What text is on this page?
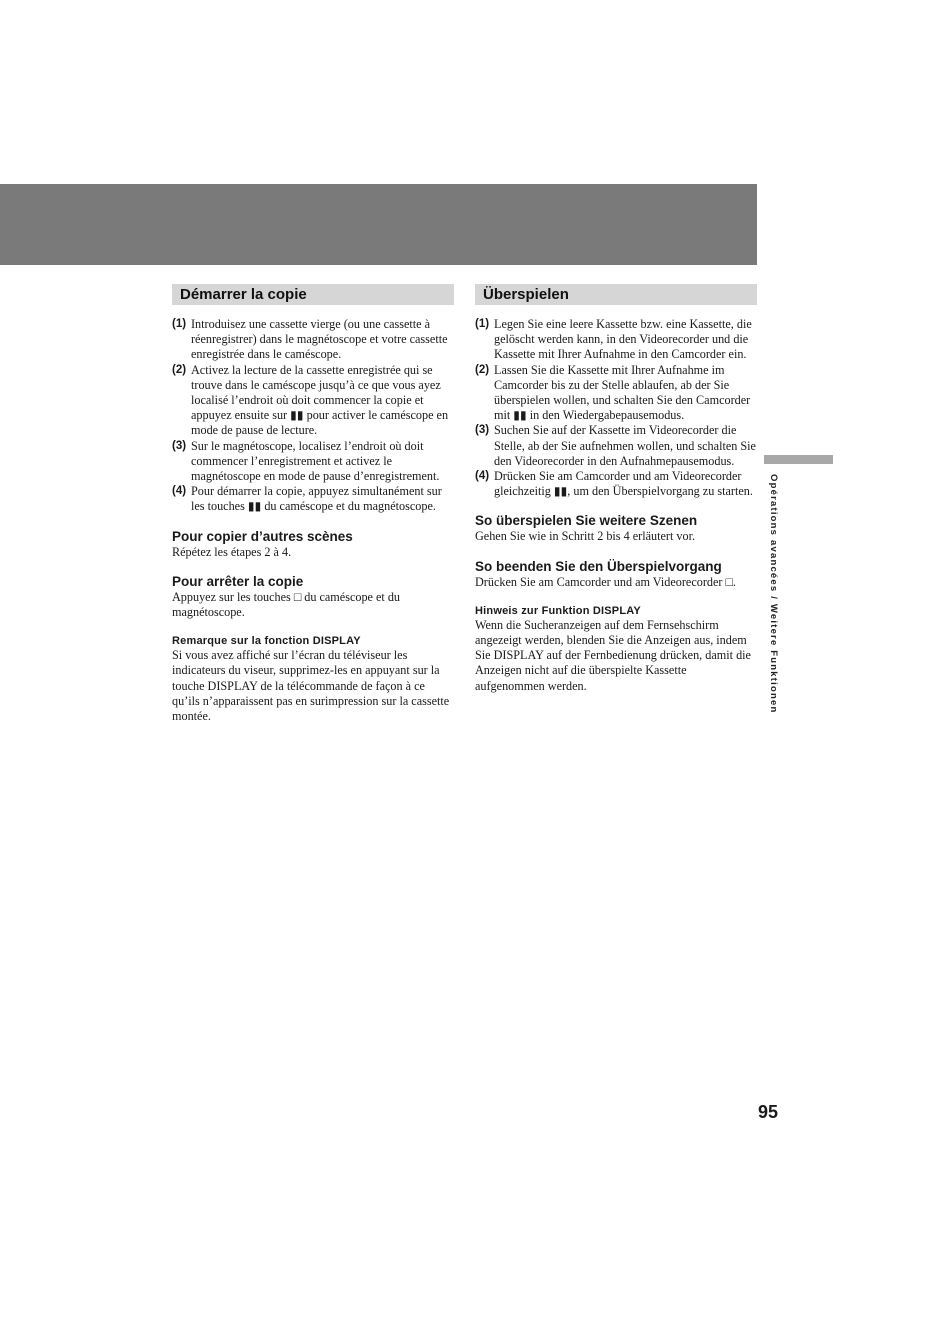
Démarrer la copie
(1) Introduisez une cassette vierge (ou une cassette à réenregistrer) dans le magnétoscope et votre cassette enregistrée dans le caméscope.
(2) Activez la lecture de la cassette enregistrée qui se trouve dans le caméscope jusqu’à ce que vous ayez localisé l’endroit où doit commencer la copie et appuyez ensuite sur ▮▮ pour activer le caméscope en mode de pause de lecture.
(3) Sur le magnétoscope, localisez l’endroit où doit commencer l’enregistrement et activez le magnétoscope en mode de pause d’enregistrement.
(4) Pour démarrer la copie, appuyez simultanément sur les touches ▮▮ du caméscope et du magnétoscope.
Pour copier d’autres scènes
Répétez les étapes 2 à 4.
Pour arrêter la copie
Appuyez sur les touches □ du caméscope et du magnétoscope.
Remarque sur la fonction DISPLAY
Si vous avez affiché sur l’écran du téléviseur les indicateurs du viseur, supprimez-les en appuyant sur la touche DISPLAY de la télécommande de façon à ce qu’ils n’apparaissent pas en surimpression sur la cassette montée.
Überspielen
(1) Legen Sie eine leere Kassette bzw. eine Kassette, die gelöscht werden kann, in den Videorecorder und die Kassette mit Ihrer Aufnahme in den Camcorder ein.
(2) Lassen Sie die Kassette mit Ihrer Aufnahme im Camcorder bis zu der Stelle ablaufen, ab der Sie überspielen wollen, und schalten Sie den Camcorder mit ▮▮ in den Wiedergabepausemodus.
(3) Suchen Sie auf der Kassette im Videorecorder die Stelle, ab der Sie aufnehmen wollen, und schalten Sie den Videorecorder in den Aufnahmepausemodus.
(4) Drücken Sie am Camcorder und am Videorecorder gleichzeitig ▮▮, um den Überspielvorgang zu starten.
So überspielen Sie weitere Szenen
Gehen Sie wie in Schritt 2 bis 4 erläutert vor.
So beenden Sie den Überspielvorgang
Drücken Sie am Camcorder und am Videorecorder □.
Hinweis zur Funktion DISPLAY
Wenn die Sucheranzeigen auf dem Fernsehschirm angezeigt werden, blenden Sie die Anzeigen aus, indem Sie DISPLAY auf der Fernbedienung drücken, damit die Anzeigen nicht auf die überspielte Kassette aufgenommen werden.	Opérations avancées / Weitere Funktionen
95
